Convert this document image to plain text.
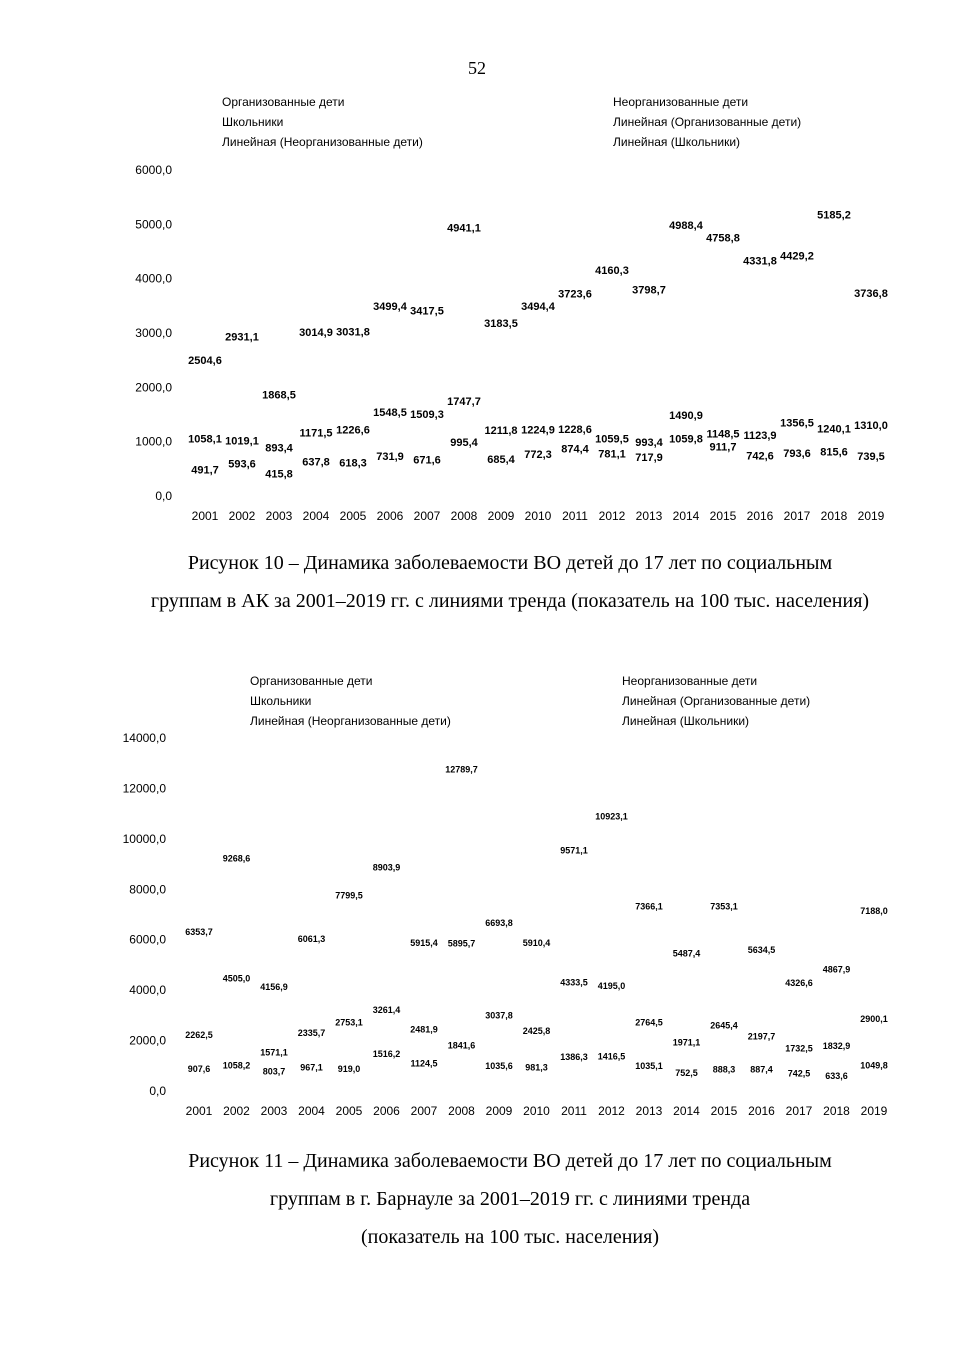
52
Организованные дети
Школьники
Линейная (Неорганизованные дети)
Неорганизованные дети
Линейная (Организованные дети)
Линейная (Школьники)
0,0
1000,0
2000,0
3000,0
4000,0
5000,0
6000,0
2001 2002 2003 2004 2005 2006 2007 2008 2009 2010 2011 2012 2013 2014 2015 2016 2017 2018 2019
2504,6
2931,1
1868,5
3014,9 3031,8
3499,4 3417,5
4941,1
3183,5
3494,4
3723,6
4160,3
3798,7
4988,4
4758,8
4331,8 4429,2
5185,2
3736,8
1058,1 1019,1
893,4
1171,5 1226,6
1548,5 1509,3
1747,7
1211,8 1224,9 1228,6
1059,5 993,4
1490,9
1148,5 1123,9
1356,5
1240,1 1310,0
491,7 593,6
415,8
637,8 618,3
731,9 671,6
995,4
685,4 772,3 874,4 781,1 717,9
1059,8
911,7
742,6 793,6 815,6 739,5
Рисунок 10 – Динамика заболеваемости ВО детей до 17 лет по социальным
группам в АК за 2001–2019 гг. с линиями тренда (показатель на 100 тыс. населения)
Организованные дети
Школьники
Линейная (Неорганизованные дети)
Неорганизованные дети
Линейная (Организованные дети)
Линейная (Школьники)
0,0
2000,0
4000,0
6000,0
8000,0
10000,0
12000,0
14000,0
2001 2002 2003 2004 2005 2006 2007 2008 2009 2010 2011 2012 2013 2014 2015 2016 2017 2018 2019
6353,7
9268,6
4156,9
6061,3
7799,5
8903,9
5915,4
12789,7
6693,8
5910,4
9571,1
10923,1
7366,1
5487,4
7353,1
5634,5
4326,6
4867,9
7188,0
2262,5
4505,0
1571,1
2335,7
2753,1
3261,4
2481,9
5895,7
3037,8
2425,8
4333,5 4195,0
2764,5
1971,1
2645,4
2197,7
1732,5 1832,9
2900,1
907,6 1058,2
803,7 967,1 919,0
1516,2
1124,5
1841,6
1035,6 981,3
1386,3 1416,5
1035,1
752,5 888,3 887,4 742,5 633,6
1049,8
Рисунок 11 – Динамика заболеваемости ВО детей до 17 лет по социальным
группам в г. Барнауле за 2001–2019 гг. с линиями тренда
(показатель на 100 тыс. населения)
